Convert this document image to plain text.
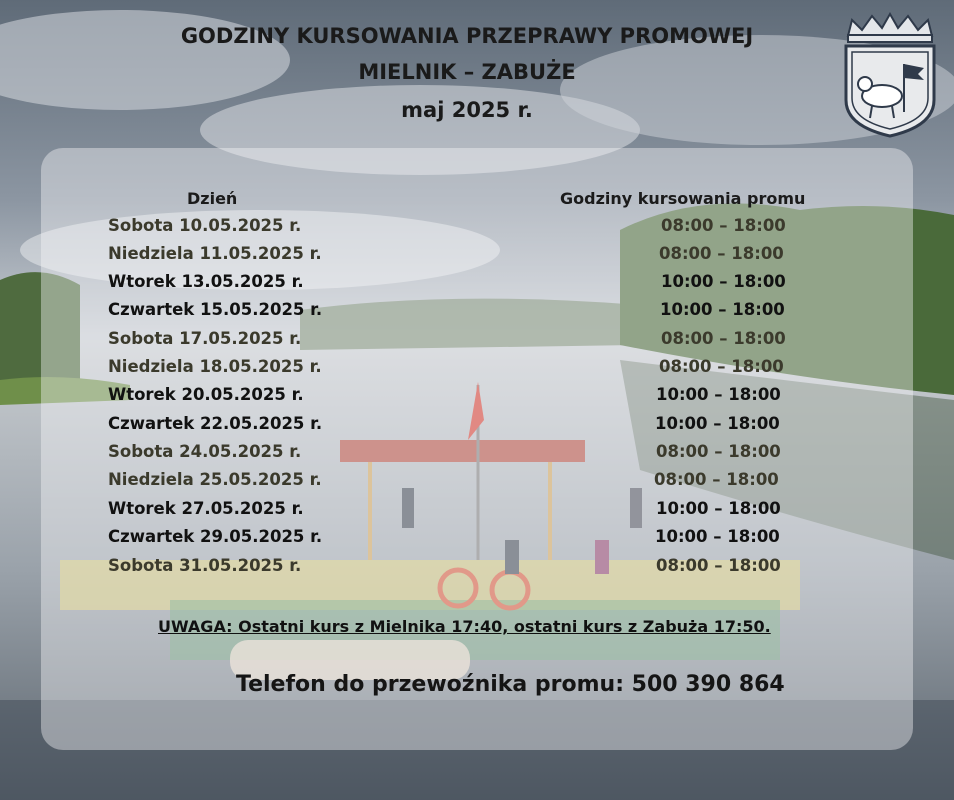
GODZINY KURSOWANIA PRZEPRAWY PROMOWEJ
MIELNIK – ZABUŻE
maj 2025 r.
Dzień	Godziny kursowania promu
Sobota 10.05.2025 r.	08:00 – 18:00
Niedziela 11.05.2025 r.	08:00 – 18:00
Wtorek 13.05.2025 r.	10:00 – 18:00
Czwartek 15.05.2025 r.	10:00 – 18:00
Sobota 17.05.2025 r.	08:00 – 18:00
Niedziela 18.05.2025 r.	08:00 – 18:00
Wtorek 20.05.2025 r.	10:00 – 18:00
Czwartek 22.05.2025 r.	10:00 – 18:00
Sobota 24.05.2025 r.	08:00 – 18:00
Niedziela 25.05.2025 r.	08:00 – 18:00
Wtorek 27.05.2025 r.	10:00 – 18:00
Czwartek 29.05.2025 r.	10:00 – 18:00
Sobota 31.05.2025 r.	08:00 – 18:00
UWAGA: Ostatni kurs z Mielnika 17:40, ostatni kurs z Zabuża 17:50.
Telefon do przewoźnika promu: 500 390 864
